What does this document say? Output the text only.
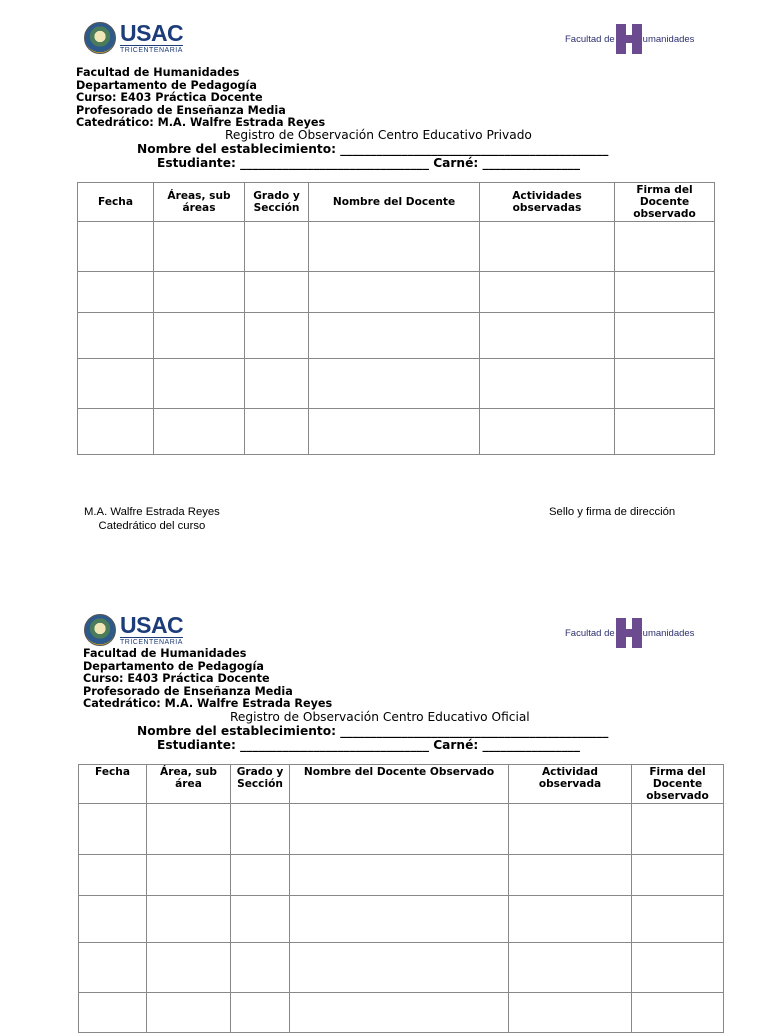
USAC
TRICENTENARIA
Facultad de	umanidades
Facultad de Humanidades
Departamento de Pedagogía
Curso: E403 Práctica Docente
Profesorado de Enseñanza Media
Catedrático: M.A. Walfre Estrada Reyes
Registro de Observación Centro Educativo Privado
Nombre del establecimiento: ____________________________________________
Estudiante: _______________________________ Carné: ________________
Fecha	Áreas, sub áreas	Grado y Sección	Nombre del Docente	Actividades observadas	Firma del Docente observado

M.A. Walfre Estrada Reyes
Catedrático del curso
Sello y firma de dirección
USAC
TRICENTENARIA
Facultad de	umanidades
Facultad de Humanidades
Departamento de Pedagogía
Curso: E403 Práctica Docente
Profesorado de Enseñanza Media
Catedrático: M.A. Walfre Estrada Reyes
Registro de Observación Centro Educativo Oficial
Nombre del establecimiento: ____________________________________________
Estudiante: _______________________________ Carné: ________________
Fecha	Área, sub área	Grado y Sección	Nombre del Docente Observado	Actividad observada	Firma del Docente observado
